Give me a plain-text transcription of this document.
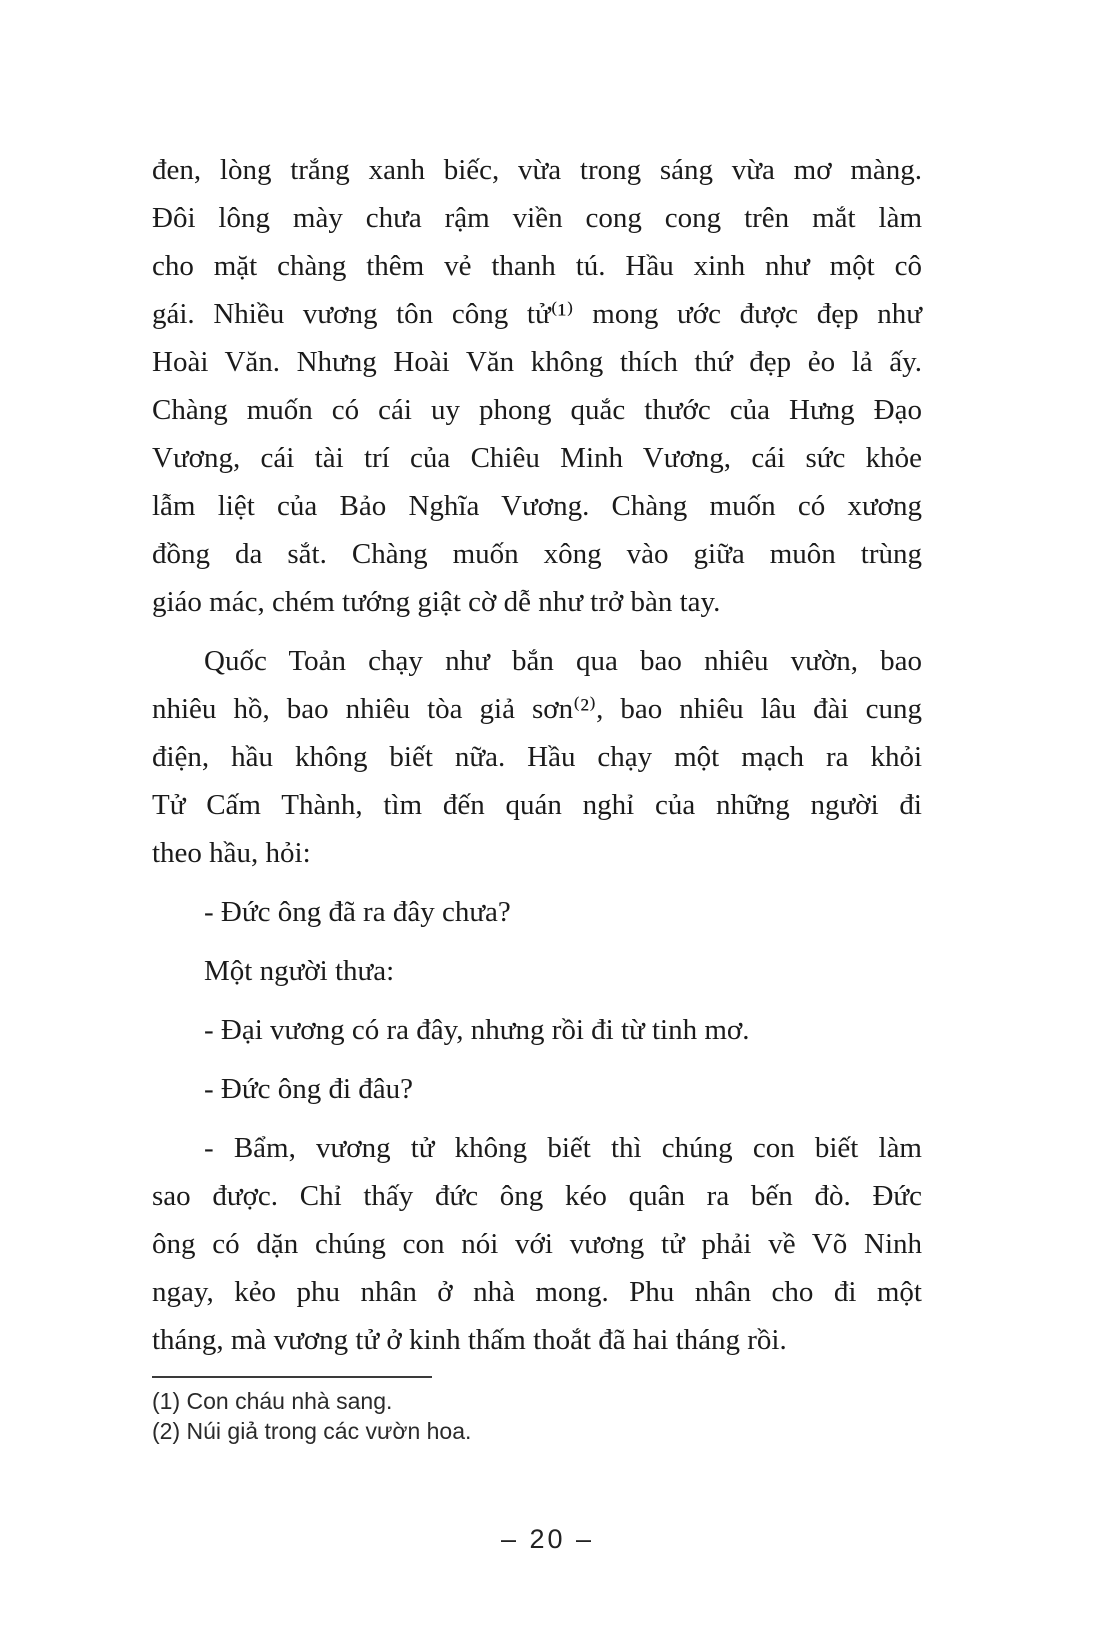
đen, lòng trắng xanh biếc, vừa trong sáng vừa mơ màng.
Đôi lông mày chưa rậm viền cong cong trên mắt làm
cho mặt chàng thêm vẻ thanh tú. Hầu xinh như một cô
gái. Nhiều vương tôn công tử⁽¹⁾ mong ước được đẹp như
Hoài Văn. Nhưng Hoài Văn không thích thứ đẹp ẻo lả ấy.
Chàng muốn có cái uy phong quắc thước của Hưng Đạo
Vương, cái tài trí của Chiêu Minh Vương, cái sức khỏe
lẫm liệt của Bảo Nghĩa Vương. Chàng muốn có xương
đồng da sắt. Chàng muốn xông vào giữa muôn trùng
giáo mác, chém tướng giật cờ dễ như trở bàn tay.
Quốc Toản chạy như bắn qua bao nhiêu vườn, bao
nhiêu hồ, bao nhiêu tòa giả sơn⁽²⁾, bao nhiêu lâu đài cung
điện, hầu không biết nữa. Hầu chạy một mạch ra khỏi
Tử Cấm Thành, tìm đến quán nghỉ của những người đi
theo hầu, hỏi:
- Đức ông đã ra đây chưa?
Một người thưa:
- Đại vương có ra đây, nhưng rồi đi từ tinh mơ.
- Đức ông đi đâu?
- Bẩm, vương tử không biết thì chúng con biết làm
sao được. Chỉ thấy đức ông kéo quân ra bến đò. Đức
ông có dặn chúng con nói với vương tử phải về Võ Ninh
ngay, kẻo phu nhân ở nhà mong. Phu nhân cho đi một
tháng, mà vương tử ở kinh thấm thoắt đã hai tháng rồi.
(1) Con cháu nhà sang.
(2) Núi giả trong các vườn hoa.
– 20 –
